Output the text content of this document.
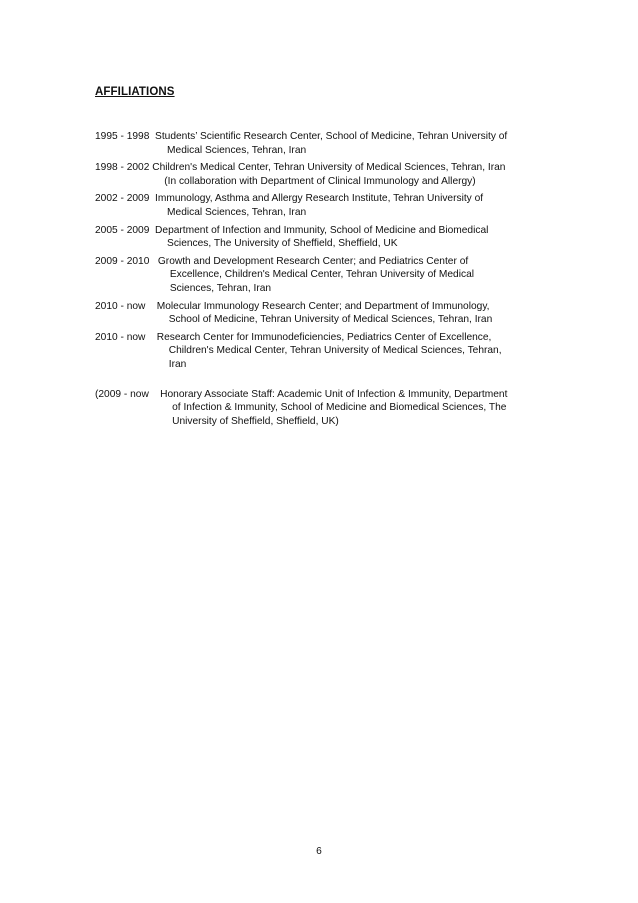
AFFILIATIONS
1995 - 1998 Students’ Scientific Research Center, School of Medicine, Tehran University of
Medical Sciences, Tehran, Iran
1998 - 2002 Children's Medical Center, Tehran University of Medical Sciences, Tehran, Iran
(In collaboration with Department of Clinical Immunology and Allergy)
2002 - 2009 Immunology, Asthma and Allergy Research Institute, Tehran University of
Medical Sciences, Tehran, Iran
2005 - 2009 Department of Infection and Immunity, School of Medicine and Biomedical
Sciences, The University of Sheffield, Sheffield, UK
2009 - 2010 Growth and Development Research Center; and Pediatrics Center of
Excellence, Children's Medical Center, Tehran University of Medical
Sciences, Tehran, Iran
2010 - now Molecular Immunology Research Center; and Department of Immunology,
School of Medicine, Tehran University of Medical Sciences, Tehran, Iran
2010 - now Research Center for Immunodeficiencies, Pediatrics Center of Excellence,
Children's Medical Center, Tehran University of Medical Sciences, Tehran,
Iran
(2009 - now Honorary Associate Staff: Academic Unit of Infection & Immunity, Department
of Infection & Immunity, School of Medicine and Biomedical Sciences, The
University of Sheffield, Sheffield, UK)
6
